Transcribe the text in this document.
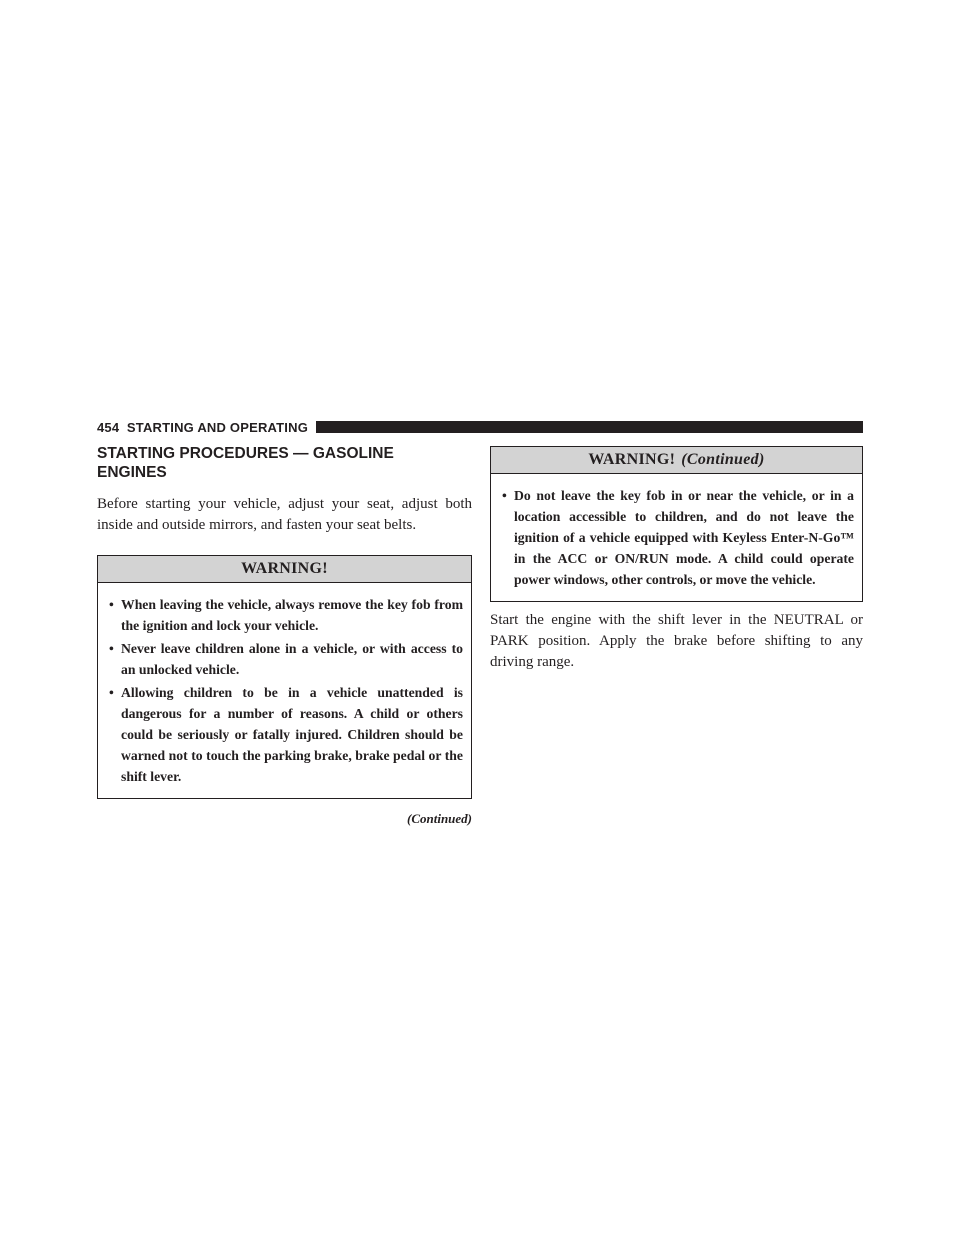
454 STARTING AND OPERATING
STARTING PROCEDURES — GASOLINE ENGINES

Before starting your vehicle, adjust your seat, adjust both inside and outside mirrors, and fasten your seat belts.

WARNING!
• When leaving the vehicle, always remove the key fob from the ignition and lock your vehicle.
• Never leave children alone in a vehicle, or with access to an unlocked vehicle.
• Allowing children to be in a vehicle unattended is dangerous for a number of reasons. A child or others could be seriously or fatally injured. Children should be warned not to touch the parking brake, brake pedal or the shift lever.
(Continued)
WARNING! (Continued)
• Do not leave the key fob in or near the vehicle, or in a location accessible to children, and do not leave the ignition of a vehicle equipped with Keyless Enter-N-Go™ in the ACC or ON/RUN mode. A child could operate power windows, other controls, or move the vehicle.

Start the engine with the shift lever in the NEUTRAL or PARK position. Apply the brake before shifting to any driving range.
